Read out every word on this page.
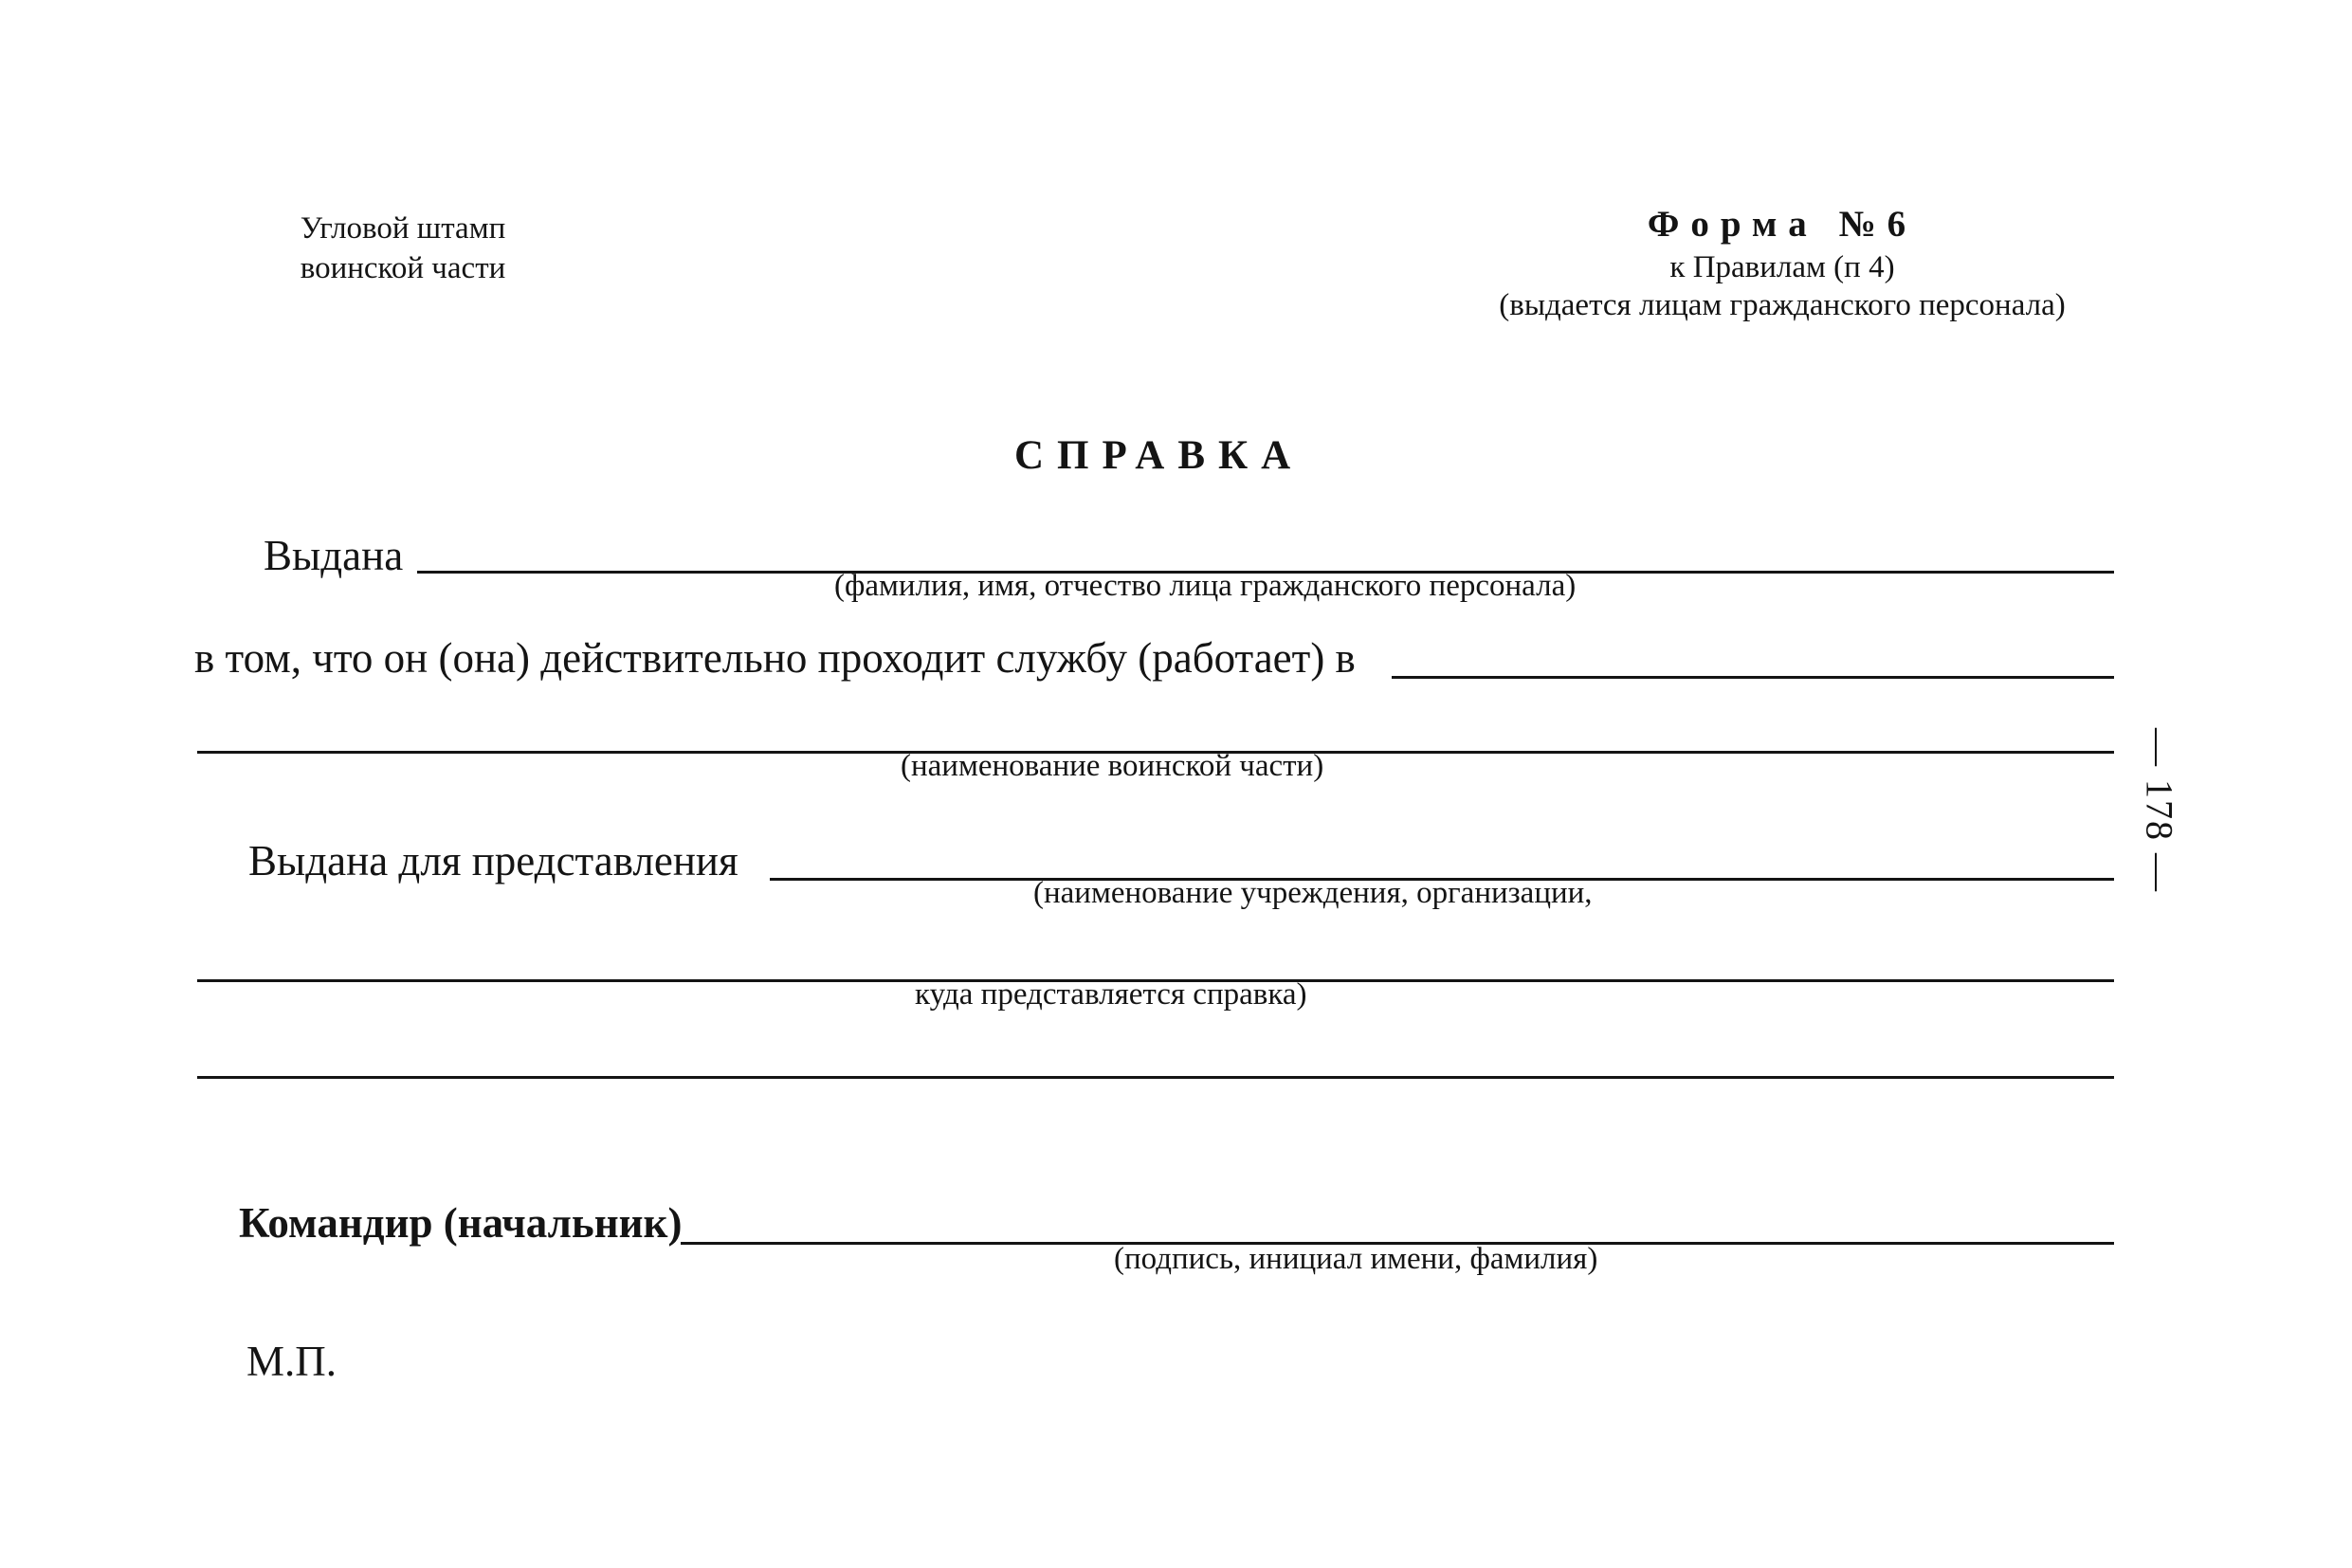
Угловой штамп
воинской части
Форма №6
к Правилам (п 4)
(выдается лицам гражданского персонала)
СПРАВКА
Выдана
(фамилия, имя, отчество лица гражданского персонала)
в том, что он (она) действительно проходит службу (работает) в
(наименование воинской части)
Выдана для представления
(наименование учреждения, организации,
куда представляется справка)
Командир (начальник)
(подпись, инициал имени, фамилия)
М.П.
— 178 —
